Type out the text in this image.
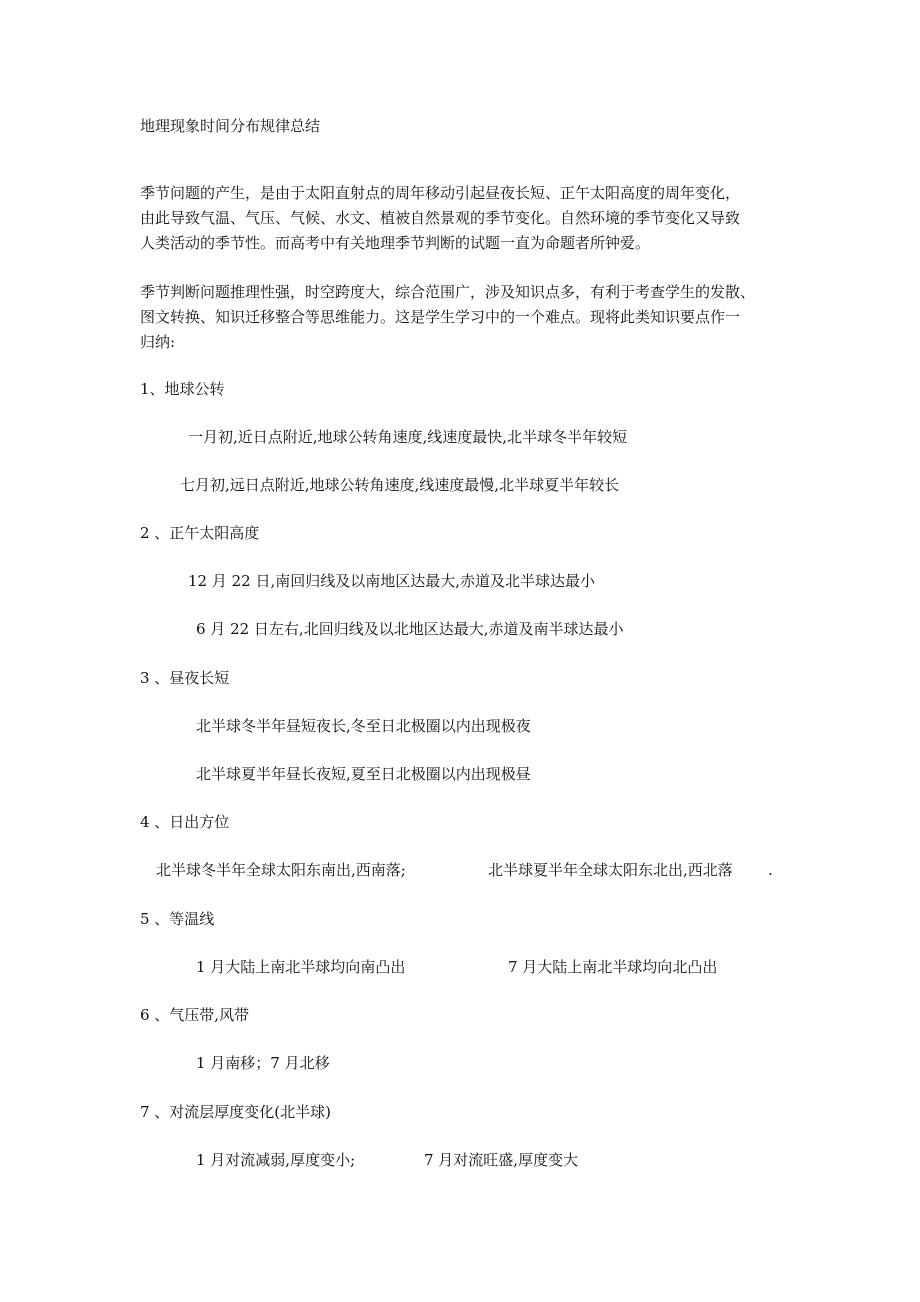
地理现象时间分布规律总结
季节问题的产生，是由于太阳直射点的周年移动引起昼夜长短、正午太阳高度的周年变化，
由此导致气温、气压、气候、水文、植被自然景观的季节变化。自然环境的季节变化又导致
人类活动的季节性。而高考中有关地理季节判断的试题一直为命题者所钟爱。
季节判断问题推理性强，时空跨度大，综合范围广，涉及知识点多，有利于考查学生的发散、
图文转换、知识迁移整合等思维能力。这是学生学习中的一个难点。现将此类知识要点作一
归纳:
1、地球公转
一月初,近日点附近,地球公转角速度,线速度最快,北半球冬半年较短
七月初,远日点附近,地球公转角速度,线速度最慢,北半球夏半年较长
2 、正午太阳高度
12 月 22 日,南回归线及以南地区达最大,赤道及北半球达最小
6 月 22 日左右,北回归线及以北地区达最大,赤道及南半球达最小
3 、昼夜长短
北半球冬半年昼短夜长,冬至日北极圈以内出现极夜
北半球夏半年昼长夜短,夏至日北极圈以内出现极昼
4 、日出方位
北半球冬半年全球太阳东南出,西南落;	北半球夏半年全球太阳东北出,西北落 .
5 、等温线
1 月大陆上南北半球均向南凸出	7 月大陆上南北半球均向北凸出
6 、气压带,风带
1 月南移；7 月北移
7 、对流层厚度变化(北半球)
1 月对流减弱,厚度变小;	7 月对流旺盛,厚度变大
